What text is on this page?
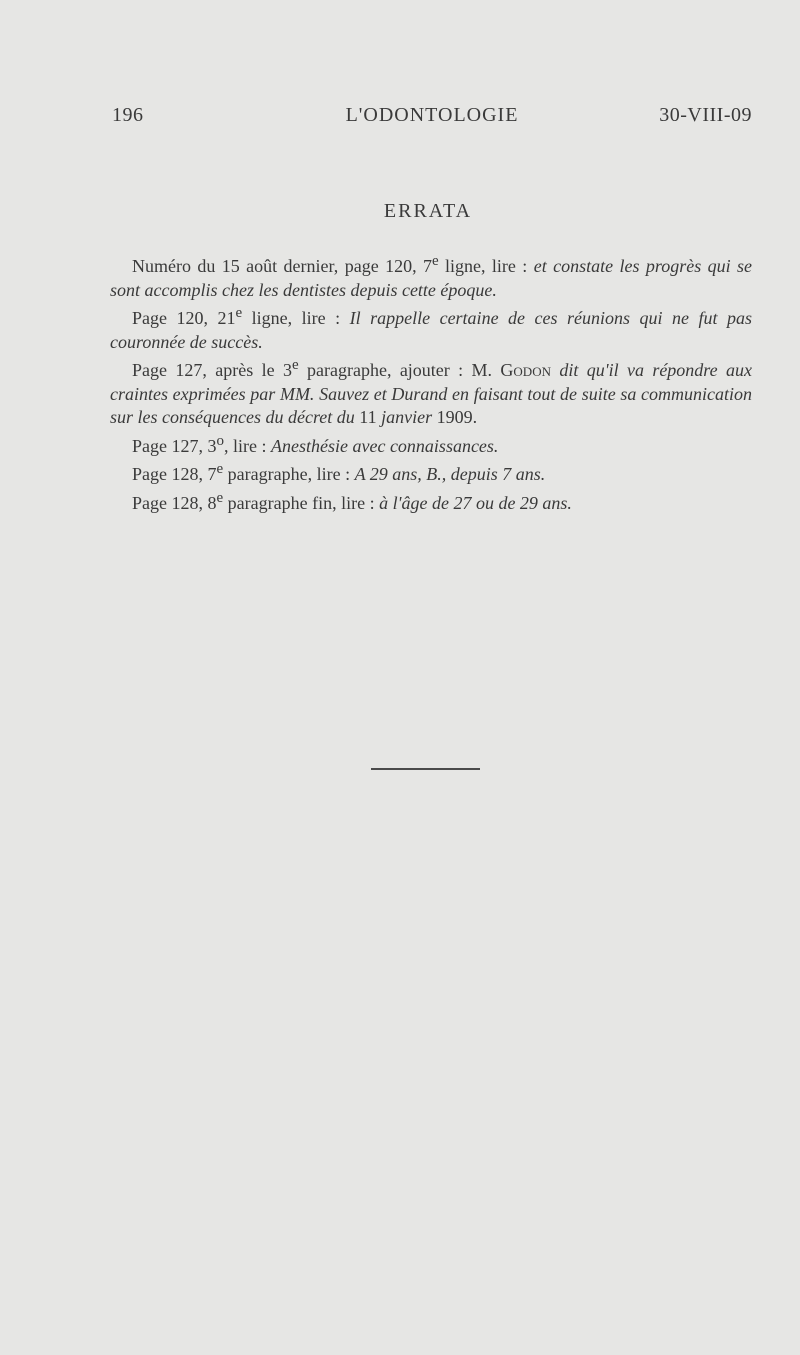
196	L'ODONTOLOGIE	30-VIII-09
ERRATA

Numéro du 15 août dernier, page 120, 7e ligne, lire : et constate les progrès qui se sont accomplis chez les dentistes depuis cette époque.

Page 120, 21e ligne, lire : Il rappelle certaine de ces réunions qui ne fut pas couronnée de succès.

Page 127, après le 3e paragraphe, ajouter : M. Godon dit qu'il va répondre aux craintes exprimées par MM. Sauvez et Durand en faisant tout de suite sa communication sur les conséquences du décret du 11 janvier 1909.

Page 127, 3$^o$, lire : Anesthésie avec connaissances.

Page 128, 7e paragraphe, lire : A 29 ans, B., depuis 7 ans.

Page 128, 8e paragraphe fin, lire : à l'âge de 27 ou de 29 ans.
